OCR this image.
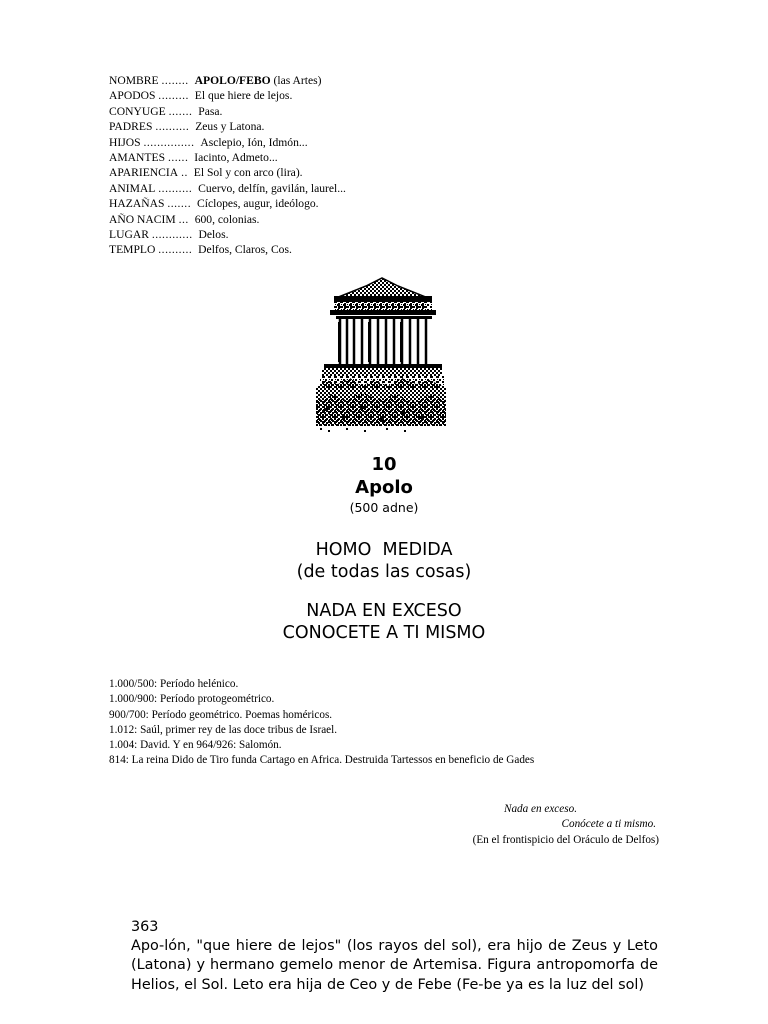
NOMBRE ........ APOLO/FEBO (las Artes)
APODOS ......... El que hiere de lejos.
CONYUGE ....... Pasa.
PADRES .......... Zeus y Latona.
HIJOS ............... Asclepio, Ión, Idmón...
AMANTES ...... Iacinto, Admeto...
APARIENCIA .. El Sol y con arco (lira).
ANIMAL .......... Cuervo, delfín, gavilán, laurel...
HAZAÑAS ....... Cíclopes, augur, ideólogo.
AÑO NACIM ... 600, colonias.
LUGAR ............ Delos.
TEMPLO .......... Delfos, Claros, Cos.
10
Apolo
(500 adne)
HOMO  MEDIDA
(de todas las cosas)
NADA EN EXCESO
CONOCETE A TI MISMO
1.000/500: Período helénico.
1.000/900: Período protogeométrico.
900/700: Período geométrico. Poemas homéricos.
1.012: Saúl, primer rey de las doce tribus de Israel.
1.004: David. Y en 964/926: Salomón.
814: La reina Dido de Tiro funda Cartago en Africa. Destruida Tartessos en beneficio de Gades
Nada en exceso.
Conócete a ti mismo.
(En el frontispicio del Oráculo de Delfos)
363
Apo-lón, "que hiere de lejos" (los rayos del sol), era hijo de Zeus y Leto (Latona) y hermano gemelo menor de Artemisa. Figura antropomorfa de Helios, el Sol. Leto era hija de Ceo y de Febe (Fe-be ya es la luz del sol)
